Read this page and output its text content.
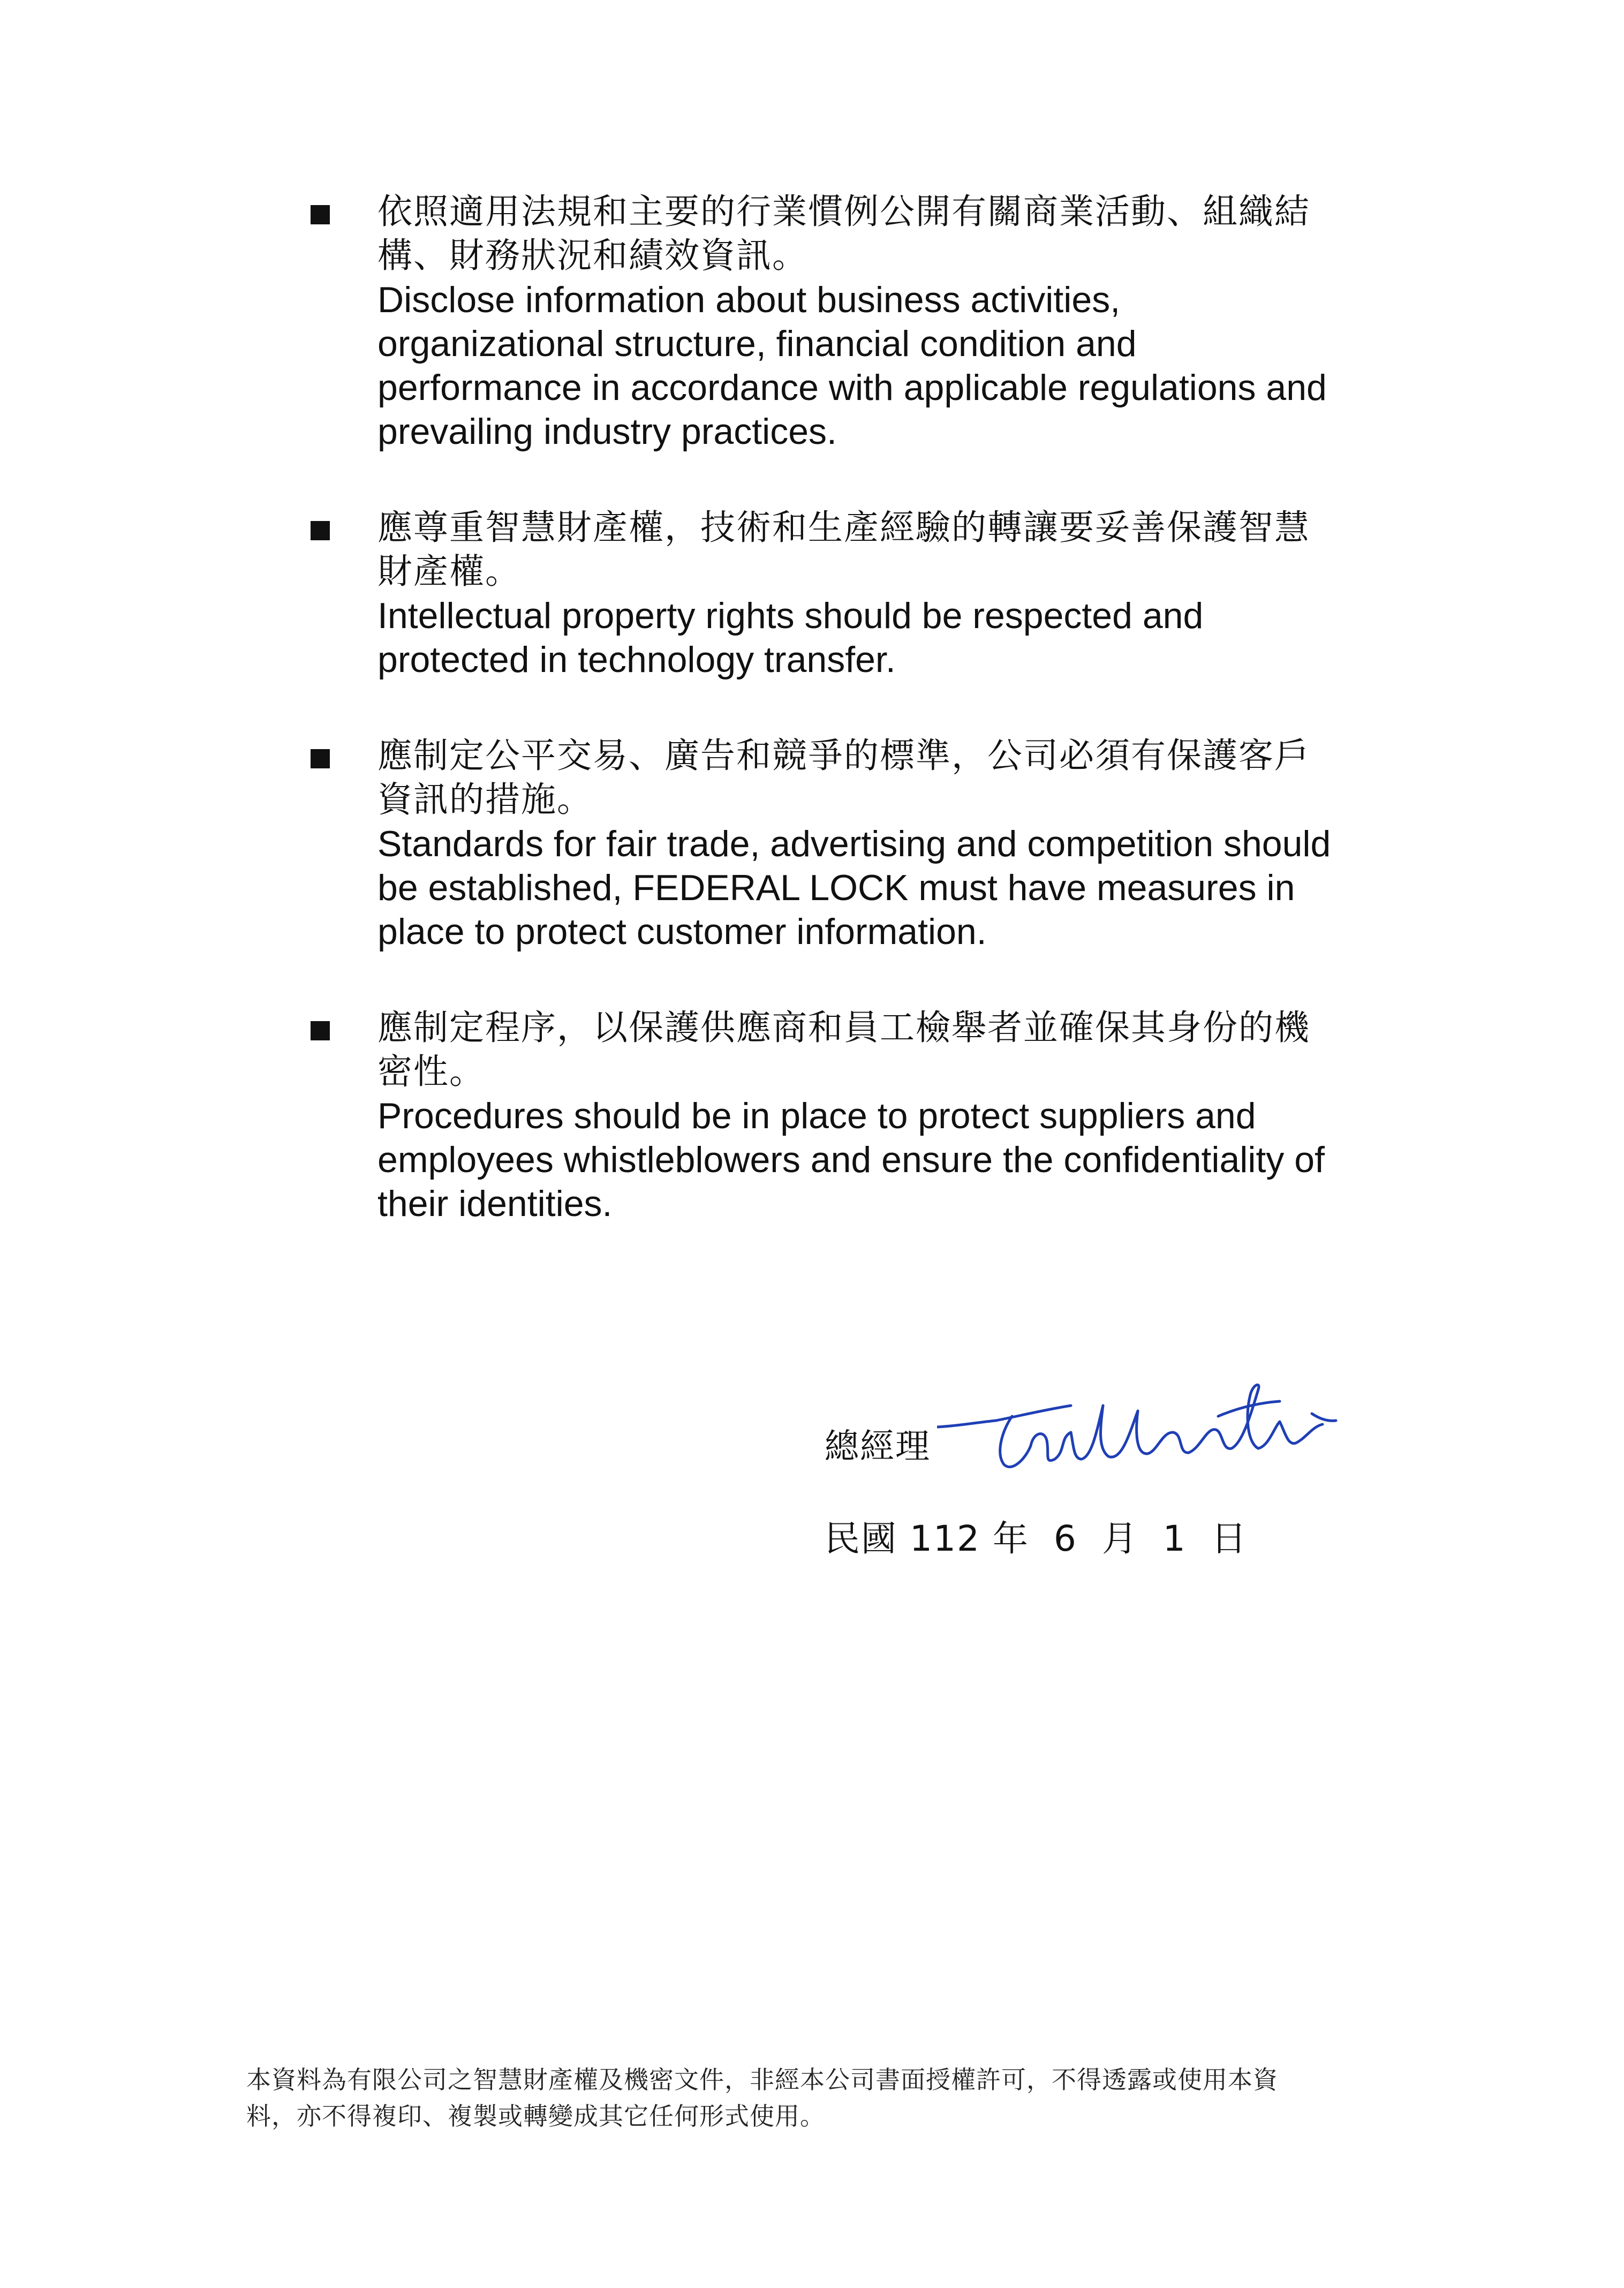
依照適用法規和主要的行業慣例公開有關商業活動、組織結
構、財務狀況和績效資訊。
Disclose information about business activities,
organizational structure, financial condition and
performance in accordance with applicable regulations and
prevailing industry practices.
應尊重智慧財產權，技術和生產經驗的轉讓要妥善保護智慧
財產權。
Intellectual property rights should be respected and
protected in technology transfer.
應制定公平交易、廣告和競爭的標準，公司必須有保護客戶
資訊的措施。
Standards for fair trade, advertising and competition should
be established, FEDERAL LOCK must have measures in
place to protect customer information.
應制定程序，以保護供應商和員工檢舉者並確保其身份的機
密性。
Procedures should be in place to protect suppliers and
employees whistleblowers and ensure the confidentiality of
their identities.
總經理
民國 112 年  6  月  1  日
本資料為有限公司之智慧財產權及機密文件，非經本公司書面授權許可，不得透露或使用本資
料，亦不得複印、複製或轉變成其它任何形式使用。
